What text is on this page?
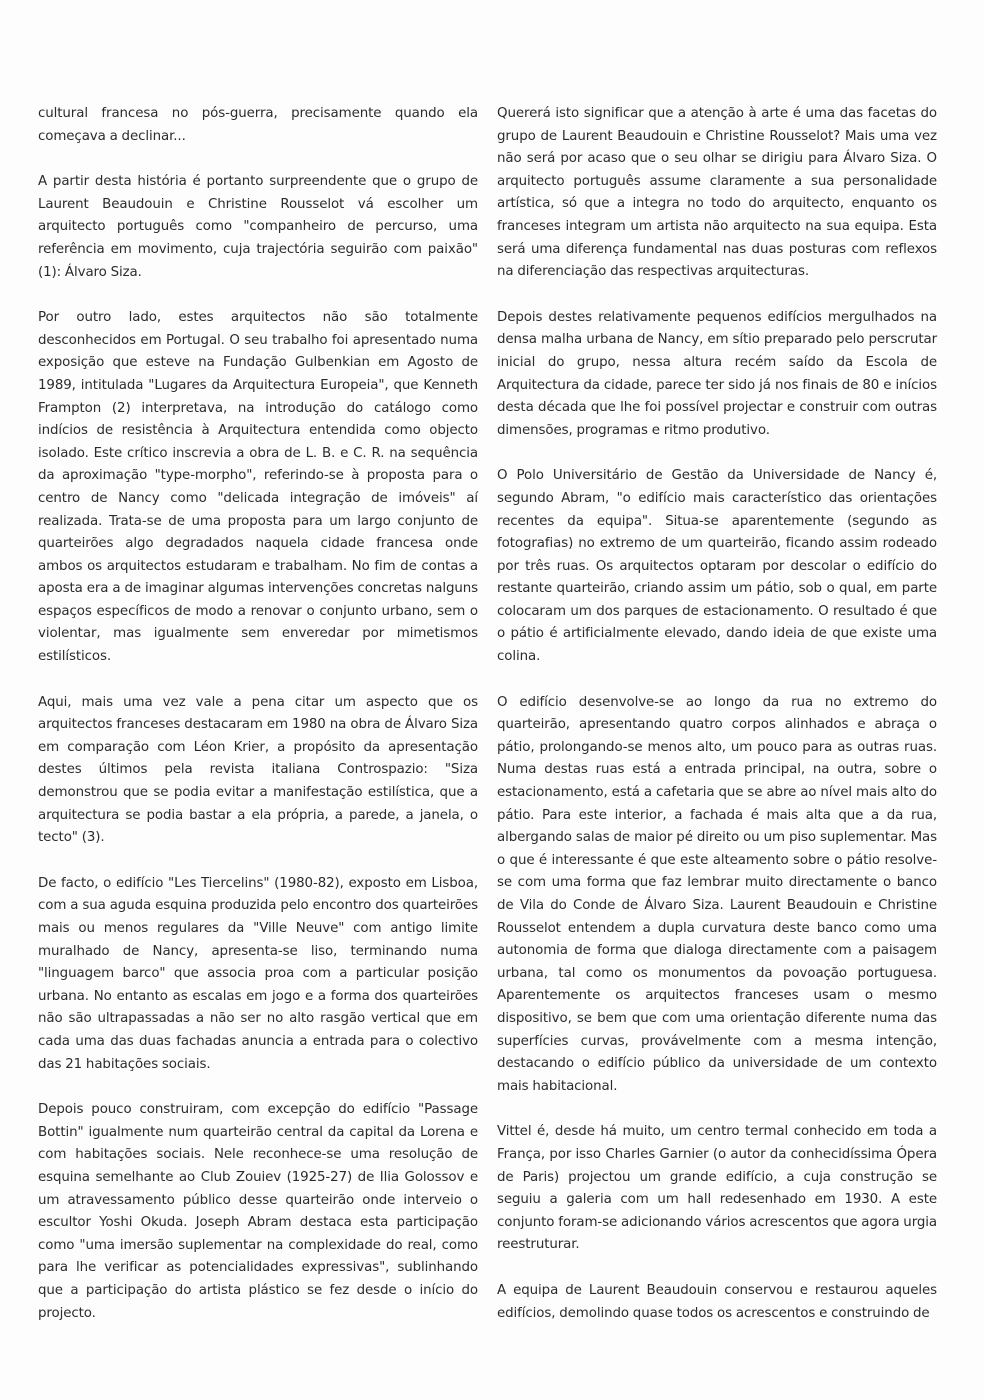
cultural francesa no pós-guerra, precisamente quando ela começava a declinar...

A partir desta história é portanto surpreendente que o grupo de Laurent Beaudouin e Christine Rousselot vá escolher um arquitecto português como "companheiro de percurso, uma referência em movimento, cuja trajectória seguirão com paixão" (1): Álvaro Siza.

Por outro lado, estes arquitectos não são totalmente desconhecidos em Portugal. O seu trabalho foi apresentado numa exposição que esteve na Fundação Gulbenkian em Agosto de 1989, intitulada "Lugares da Arquitectura Europeia", que Kenneth Frampton (2) interpretava, na introdução do catálogo como indícios de resistência à Arquitectura entendida como objecto isolado. Este crítico inscrevia a obra de L. B. e C. R. na sequência da aproximação "type-morpho", referindo-se à proposta para o centro de Nancy como "delicada integração de imóveis" aí realizada. Trata-se de uma proposta para um largo conjunto de quarteirões algo degradados naquela cidade francesa onde ambos os arquitectos estudaram e trabalham. No fim de contas a aposta era a de imaginar algumas intervenções concretas nalguns espaços específicos de modo a renovar o conjunto urbano, sem o violentar, mas igualmente sem enveredar por mimetismos estilísticos.

Aqui, mais uma vez vale a pena citar um aspecto que os arquitectos franceses destacaram em 1980 na obra de Álvaro Siza em comparação com Léon Krier, a propósito da apresentação destes últimos pela revista italiana Controspazio: "Siza demonstrou que se podia evitar a manifestação estilística, que a arquitectura se podia bastar a ela própria, a parede, a janela, o tecto" (3).

De facto, o edifício "Les Tiercelins" (1980-82), exposto em Lisboa, com a sua aguda esquina produzida pelo encontro dos quarteirões mais ou menos regulares da "Ville Neuve" com antigo limite muralhado de Nancy, apresenta-se liso, terminando numa "linguagem barco" que associa proa com a particular posição urbana. No entanto as escalas em jogo e a forma dos quarteirões não são ultrapassadas a não ser no alto rasgão vertical que em cada uma das duas fachadas anuncia a entrada para o colectivo das 21 habitações sociais.

Depois pouco construiram, com excepção do edifício "Passage Bottin" igualmente num quarteirão central da capital da Lorena e com habitações sociais. Nele reconhece-se uma resolução de esquina semelhante ao Club Zouiev (1925-27) de Ilia Golossov e um atravessamento público desse quarteirão onde interveio o escultor Yoshi Okuda. Joseph Abram destaca esta participação como "uma imersão suplementar na complexidade do real, como para lhe verificar as potencialidades expressivas", sublinhando que a participação do artista plástico se fez desde o início do projecto.

Quererá isto significar que a atenção à arte é uma das facetas do grupo de Laurent Beaudouin e Christine Rousselot? Mais uma vez não será por acaso que o seu olhar se dirigiu para Álvaro Siza. O arquitecto português assume claramente a sua personalidade artística, só que a integra no todo do arquitecto, enquanto os franceses integram um artista não arquitecto na sua equipa. Esta será uma diferença fundamental nas duas posturas com reflexos na diferenciação das respectivas arquitecturas.

Depois destes relativamente pequenos edifícios mergulhados na densa malha urbana de Nancy, em sítio preparado pelo perscrutar inicial do grupo, nessa altura recém saído da Escola de Arquitectura da cidade, parece ter sido já nos finais de 80 e inícios desta década que lhe foi possível projectar e construir com outras dimensões, programas e ritmo produtivo.

O Polo Universitário de Gestão da Universidade de Nancy é, segundo Abram, "o edifício mais característico das orientações recentes da equipa". Situa-se aparentemente (segundo as fotografias) no extremo de um quarteirão, ficando assim rodeado por três ruas. Os arquitectos optaram por descolar o edifício do restante quarteirão, criando assim um pátio, sob o qual, em parte colocaram um dos parques de estacionamento. O resultado é que o pátio é artificialmente elevado, dando ideia de que existe uma colina.

O edifício desenvolve-se ao longo da rua no extremo do quarteirão, apresentando quatro corpos alinhados e abraça o pátio, prolongando-se menos alto, um pouco para as outras ruas. Numa destas ruas está a entrada principal, na outra, sobre o estacionamento, está a cafetaria que se abre ao nível mais alto do pátio. Para este interior, a fachada é mais alta que a da rua, albergando salas de maior pé direito ou um piso suplementar. Mas o que é interessante é que este alteamento sobre o pátio resolve-se com uma forma que faz lembrar muito directamente o banco de Vila do Conde de Álvaro Siza. Laurent Beaudouin e Christine Rousselot entendem a dupla curvatura deste banco como uma autonomia de forma que dialoga directamente com a paisagem urbana, tal como os monumentos da povoação portuguesa. Aparentemente os arquitectos franceses usam o mesmo dispositivo, se bem que com uma orientação diferente numa das superfícies curvas, provávelmente com a mesma intenção, destacando o edifício público da universidade de um contexto mais habitacional.

Vittel é, desde há muito, um centro termal conhecido em toda a França, por isso Charles Garnier (o autor da conhecidíssima Ópera de Paris) projectou um grande edifício, a cuja construção se seguiu a galeria com um hall redesenhado em 1930. A este conjunto foram-se adicionando vários acrescentos que agora urgia reestruturar.

A equipa de Laurent Beaudouin conservou e restaurou aqueles edifícios, demolindo quase todos os acrescentos e construindo de
